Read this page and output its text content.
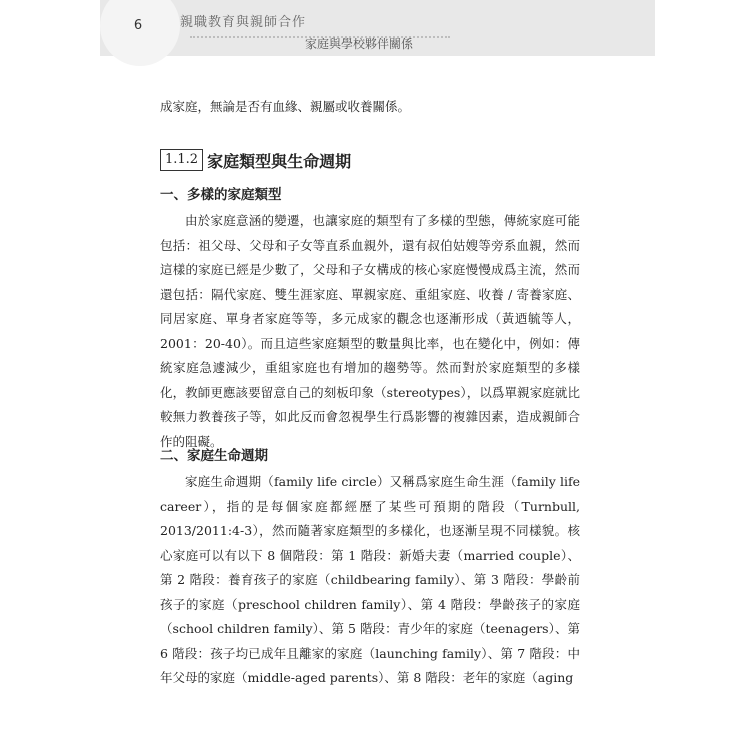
6	親職教育與親師合作
家庭與學校夥伴關係
成家庭，無論是否有血緣、親屬或收養關係。
1.1.2 家庭類型與生命週期
一、多樣的家庭類型

由於家庭意涵的變遷，也讓家庭的類型有了多樣的型態，傳統家庭可能包括：祖父母、父母和子女等直系血親外，還有叔伯姑嫂等旁系血親，然而這樣的家庭已經是少數了，父母和子女構成的核心家庭慢慢成爲主流，然而還包括：隔代家庭、雙生涯家庭、單親家庭、重組家庭、收養 / 寄養家庭、同居家庭、單身者家庭等等，多元成家的觀念也逐漸形成（黃迺毓等人，2001：20-40）。而且這些家庭類型的數量與比率，也在變化中，例如：傳統家庭急遽減少，重組家庭也有增加的趨勢等。然而對於家庭類型的多樣化，教師更應該要留意自己的刻板印象（stereotypes），以爲單親家庭就比較無力教養孩子等，如此反而會忽視學生行爲影響的複雜因素，造成親師合作的阻礙。

二、家庭生命週期

家庭生命週期（family life circle）又稱爲家庭生命生涯（family life career），指的是每個家庭都經歷了某些可預期的階段（Turnbull, 2013/2011:4-3），然而隨著家庭類型的多樣化，也逐漸呈現不同樣貌。核心家庭可以有以下 8 個階段：第 1 階段：新婚夫妻（married couple）、第 2 階段：養育孩子的家庭（childbearing family）、第 3 階段：學齡前孩子的家庭（preschool children family）、第 4 階段：學齡孩子的家庭（school children family）、第 5 階段：青少年的家庭（teenagers）、第 6 階段：孩子均已成年且離家的家庭（launching family）、第 7 階段：中年父母的家庭（middle-aged parents）、第 8 階段：老年的家庭（aging
